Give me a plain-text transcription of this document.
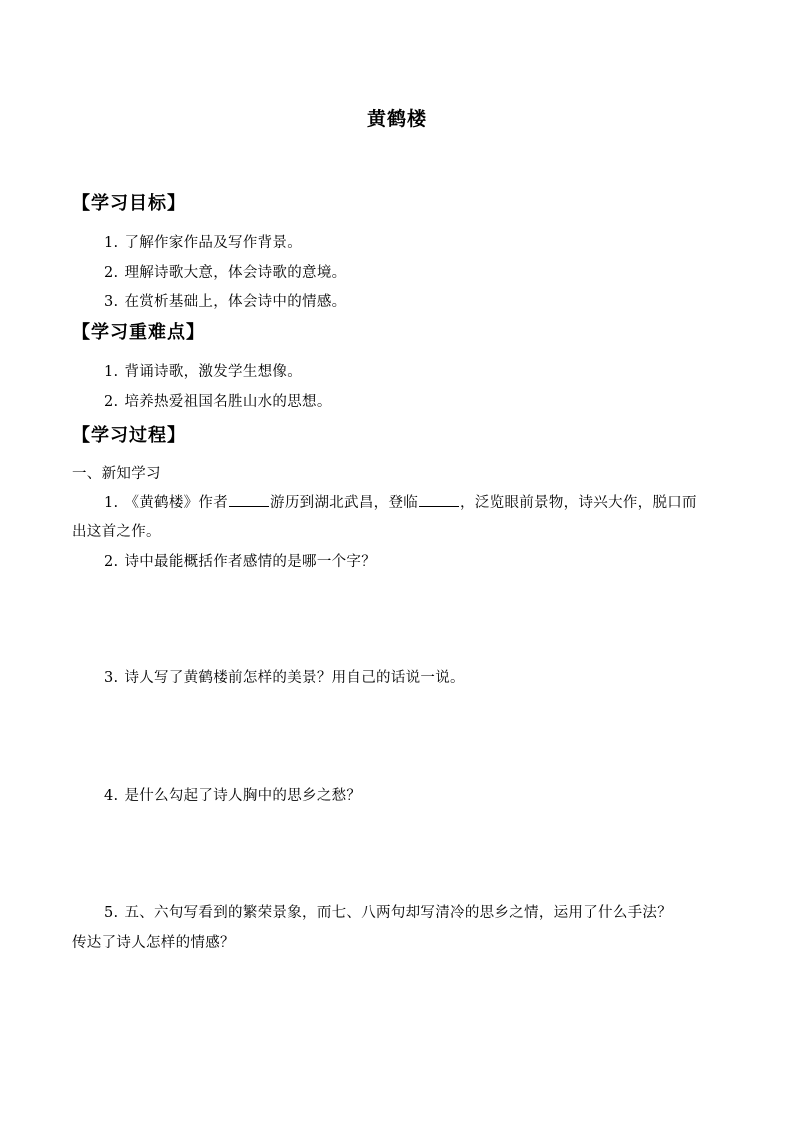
黄鹤楼
【学习目标】
1. 了解作家作品及写作背景。
2. 理解诗歌大意，体会诗歌的意境。
3. 在赏析基础上，体会诗中的情感。
【学习重难点】
1. 背诵诗歌，激发学生想像。
2. 培养热爱祖国名胜山水的思想。
【学习过程】
一、新知学习
1. 《黄鹤楼》作者	游历到湖北武昌，登临	，泛览眼前景物，诗兴大作，脱口而
出这首之作。
2. 诗中最能概括作者感情的是哪一个字？
3. 诗人写了黄鹤楼前怎样的美景？用自己的话说一说。
4. 是什么勾起了诗人胸中的思乡之愁？
5. 五、六句写看到的繁荣景象，而七、八两句却写清冷的思乡之情，运用了什么手法？
传达了诗人怎样的情感？
